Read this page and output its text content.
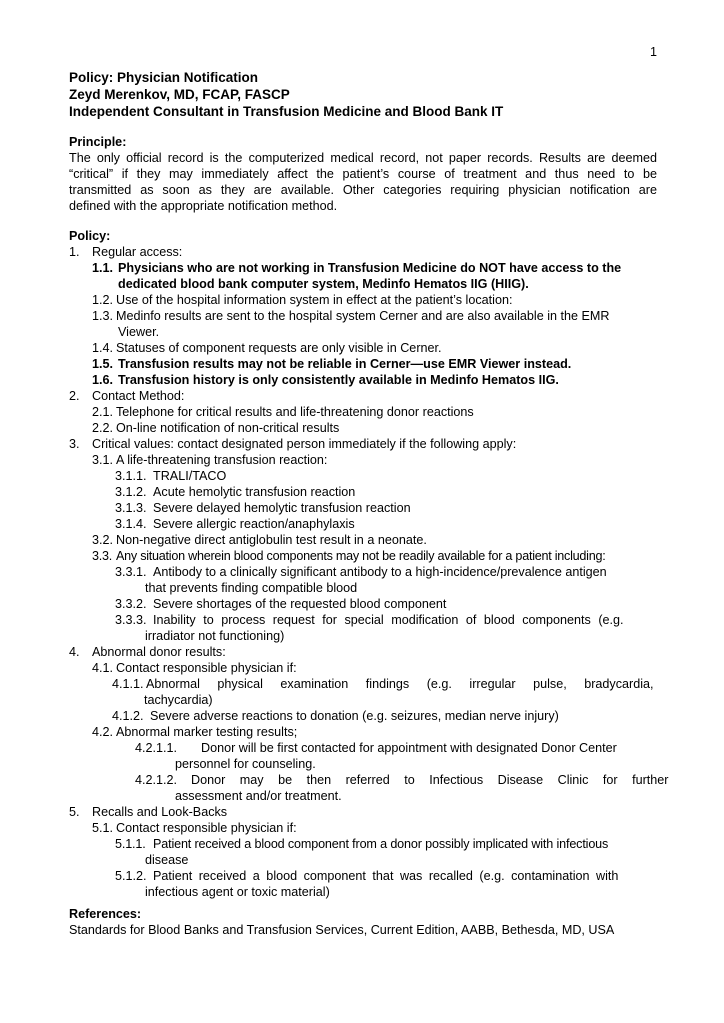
1
Policy: Physician Notification
Zeyd Merenkov, MD, FCAP, FASCP
Independent Consultant in Transfusion Medicine and Blood Bank IT
Principle:
The only official record is the computerized medical record, not paper records. Results are deemed
“critical” if they may immediately affect the patient’s course of treatment and thus need to be
transmitted as soon as they are available. Other categories requiring physician notification are
defined with the appropriate notification method.
Policy:
1. Regular access:
1.1. Physicians who are not working in Transfusion Medicine do NOT have access to the
dedicated blood bank computer system, Medinfo Hematos IIG (HIIG).
1.2. Use of the hospital information system in effect at the patient’s location:
1.3. Medinfo results are sent to the hospital system Cerner and are also available in the EMR
Viewer.
1.4. Statuses of component requests are only visible in Cerner.
1.5. Transfusion results may not be reliable in Cerner—use EMR Viewer instead.
1.6. Transfusion history is only consistently available in Medinfo Hematos IIG.
2. Contact Method:
2.1. Telephone for critical results and life-threatening donor reactions
2.2. On-line notification of non-critical results
3. Critical values: contact designated person immediately if the following apply:
3.1. A life-threatening transfusion reaction:
3.1.1. TRALI/TACO
3.1.2. Acute hemolytic transfusion reaction
3.1.3. Severe delayed hemolytic transfusion reaction
3.1.4. Severe allergic reaction/anaphylaxis
3.2. Non-negative direct antiglobulin test result in a neonate.
3.3. Any situation wherein blood components may not be readily available for a patient including:
3.3.1. Antibody to a clinically significant antibody to a high-incidence/prevalence antigen
that prevents finding compatible blood
3.3.2. Severe shortages of the requested blood component
3.3.3. Inability to process request for special modification of blood components (e.g.
irradiator not functioning)
4. Abnormal donor results:
4.1. Contact responsible physician if:
4.1.1. Abnormal physical examination findings (e.g. irregular pulse, bradycardia,
tachycardia)
4.1.2. Severe adverse reactions to donation (e.g. seizures, median nerve injury)
4.2. Abnormal marker testing results;
4.2.1.1. Donor will be first contacted for appointment with designated Donor Center
personnel for counseling.
4.2.1.2. Donor may be then referred to Infectious Disease Clinic for further
assessment and/or treatment.
5. Recalls and Look-Backs
5.1. Contact responsible physician if:
5.1.1. Patient received a blood component from a donor possibly implicated with infectious
disease
5.1.2. Patient received a blood component that was recalled (e.g. contamination with
infectious agent or toxic material)
References:
Standards for Blood Banks and Transfusion Services, Current Edition, AABB, Bethesda, MD, USA
